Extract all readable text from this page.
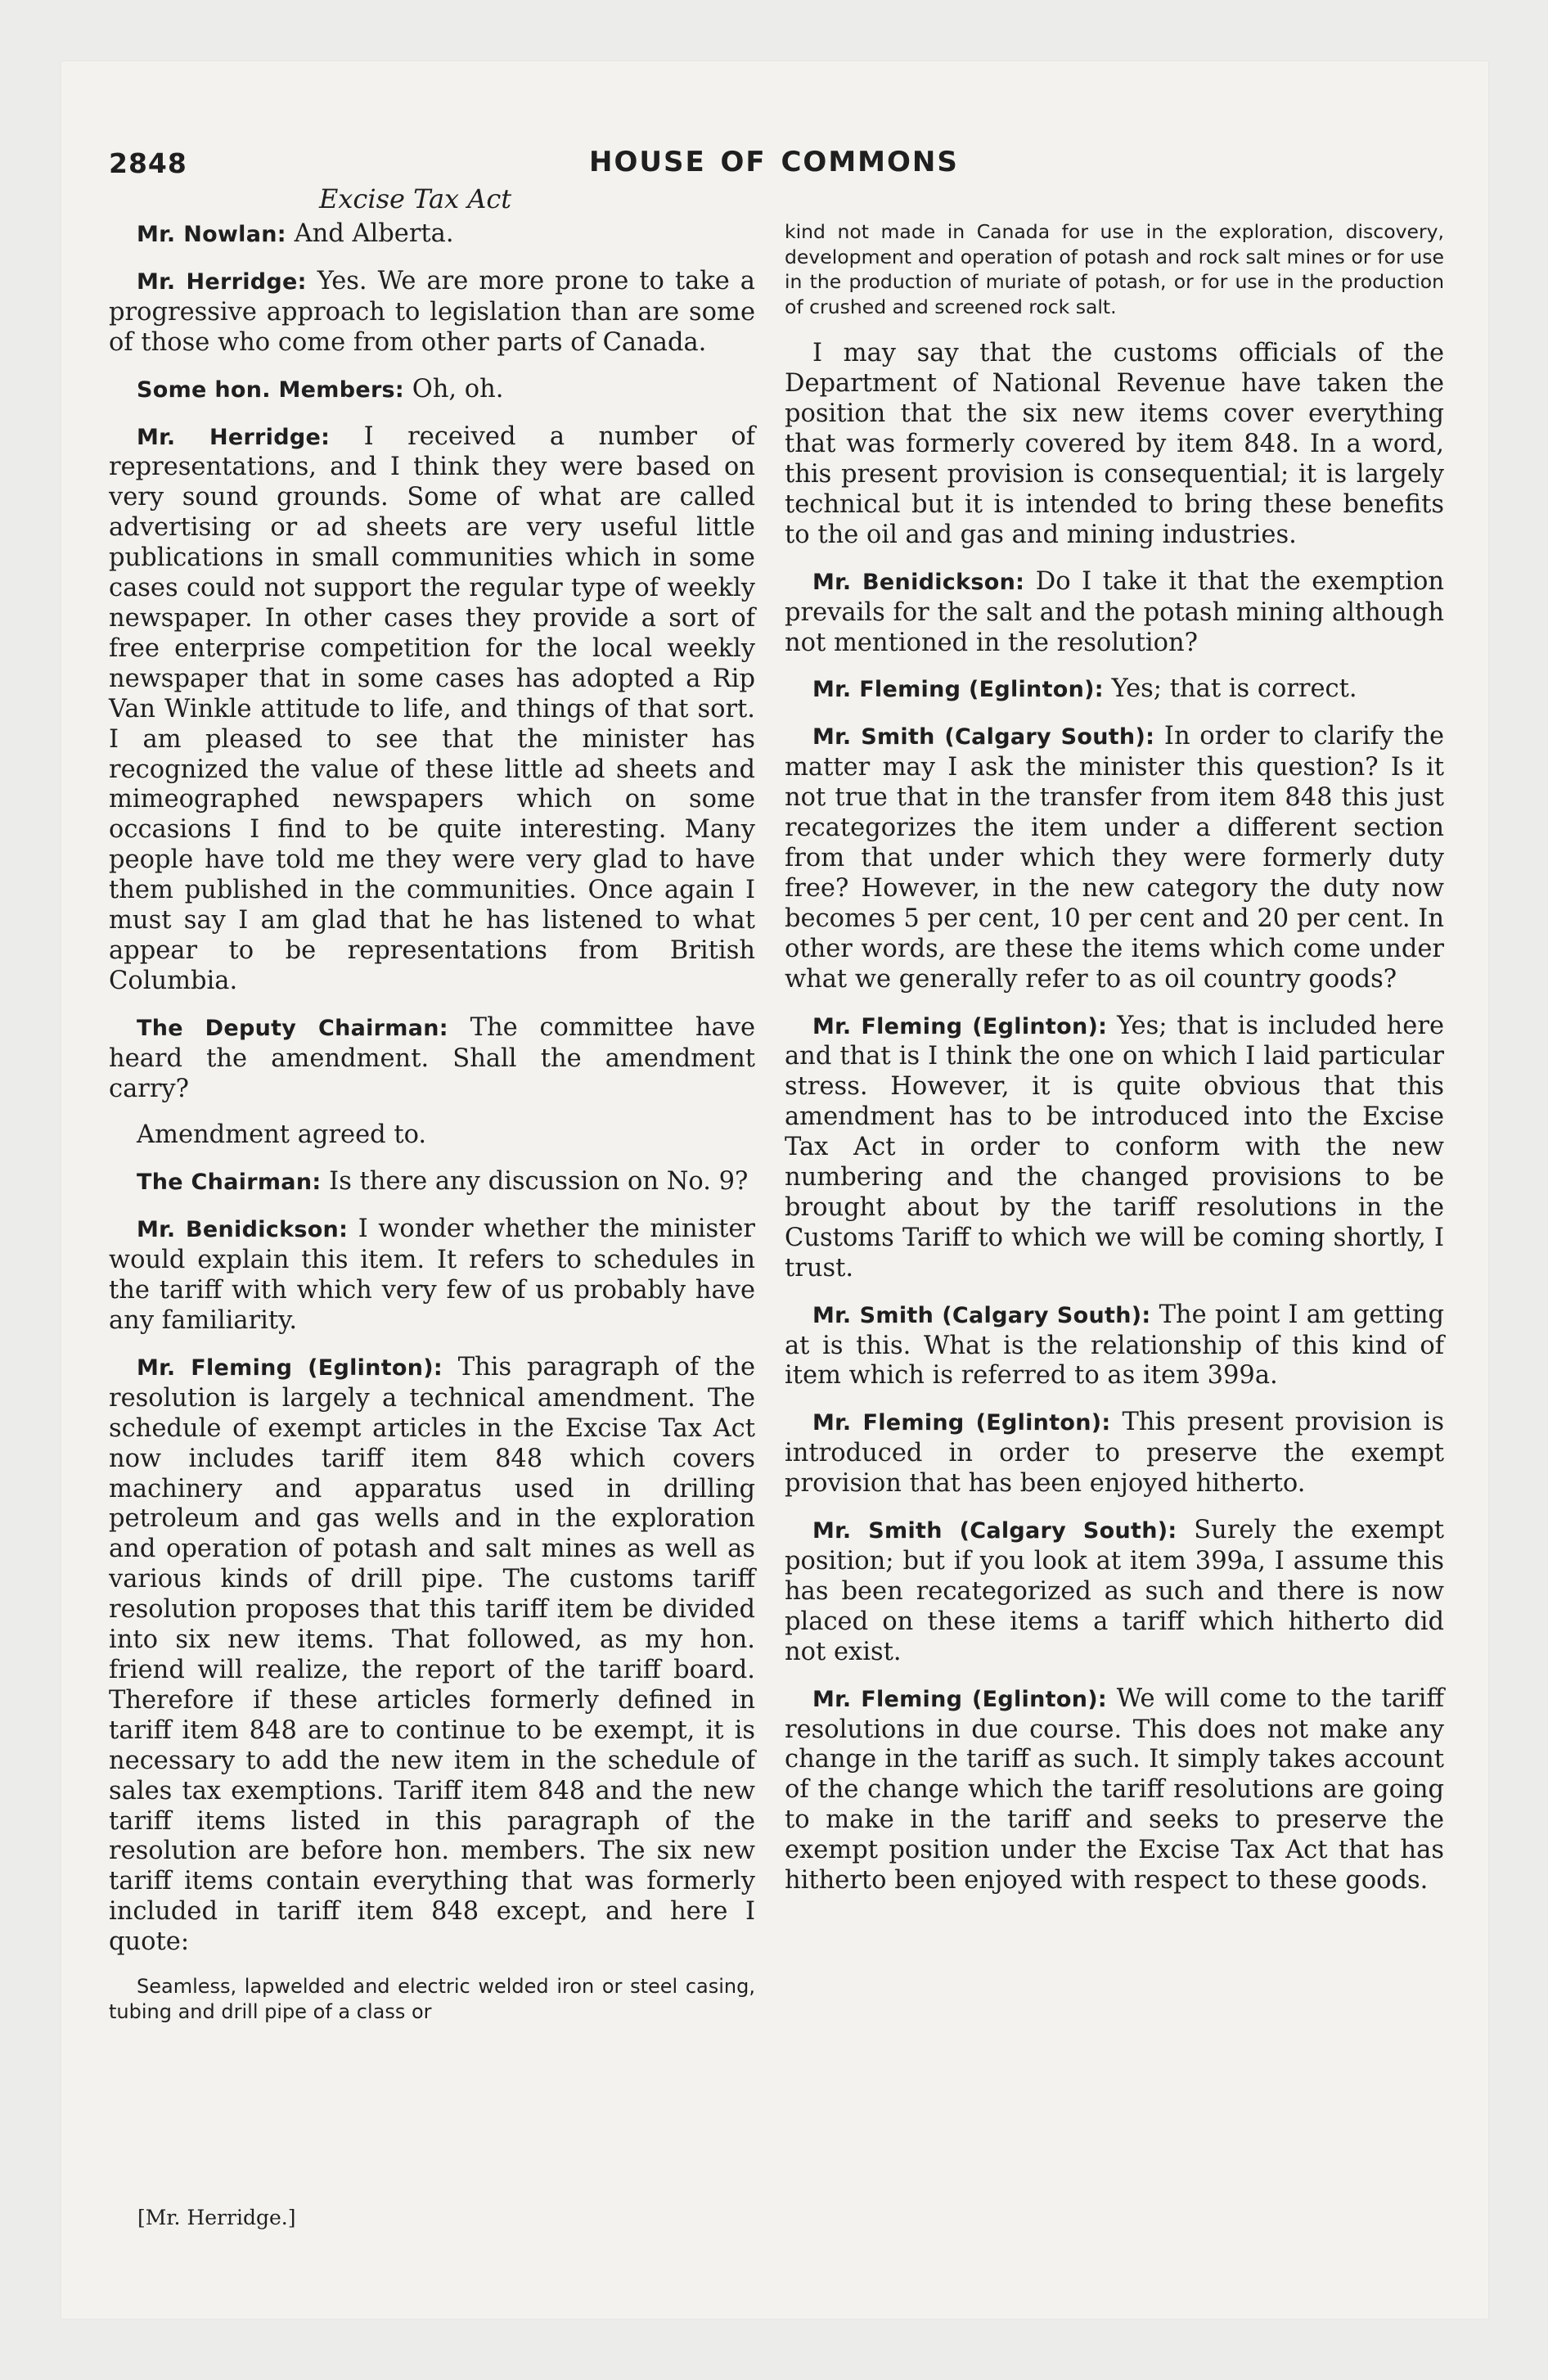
2848	HOUSE OF COMMONS
Excise Tax Act

Mr. Nowlan: And Alberta.

Mr. Herridge: Yes. We are more prone to take a progressive approach to legislation than are some of those who come from other parts of Canada.

Some hon. Members: Oh, oh.

Mr. Herridge: I received a number of representations, and I think they were based on very sound grounds. Some of what are called advertising or ad sheets are very useful little publications in small communities which in some cases could not support the regular type of weekly newspaper. In other cases they provide a sort of free enterprise competition for the local weekly newspaper that in some cases has adopted a Rip Van Winkle attitude to life, and things of that sort. I am pleased to see that the minister has recognized the value of these little ad sheets and mimeographed newspapers which on some occasions I find to be quite interesting. Many people have told me they were very glad to have them published in the communities. Once again I must say I am glad that he has listened to what appear to be representations from British Columbia.

The Deputy Chairman: The committee have heard the amendment. Shall the amendment carry?

Amendment agreed to.

The Chairman: Is there any discussion on No. 9?

Mr. Benidickson: I wonder whether the minister would explain this item. It refers to schedules in the tariff with which very few of us probably have any familiarity.

Mr. Fleming (Eglinton): This paragraph of the resolution is largely a technical amendment. The schedule of exempt articles in the Excise Tax Act now includes tariff item 848 which covers machinery and apparatus used in drilling petroleum and gas wells and in the exploration and operation of potash and salt mines as well as various kinds of drill pipe. The customs tariff resolution proposes that this tariff item be divided into six new items. That followed, as my hon. friend will realize, the report of the tariff board. Therefore if these articles formerly defined in tariff item 848 are to continue to be exempt, it is necessary to add the new item in the schedule of sales tax exemptions. Tariff item 848 and the new tariff items listed in this paragraph of the resolution are before hon. members. The six new tariff items contain everything that was formerly included in tariff item 848 except, and here I quote:

Seamless, lapwelded and electric welded iron or steel casing, tubing and drill pipe of a class or

kind not made in Canada for use in the exploration, discovery, development and operation of potash and rock salt mines or for use in the production of muriate of potash, or for use in the production of crushed and screened rock salt.

I may say that the customs officials of the Department of National Revenue have taken the position that the six new items cover everything that was formerly covered by item 848. In a word, this present provision is consequential; it is largely technical but it is intended to bring these benefits to the oil and gas and mining industries.

Mr. Benidickson: Do I take it that the exemption prevails for the salt and the potash mining although not mentioned in the resolution?

Mr. Fleming (Eglinton): Yes; that is correct.

Mr. Smith (Calgary South): In order to clarify the matter may I ask the minister this question? Is it not true that in the transfer from item 848 this just recategorizes the item under a different section from that under which they were formerly duty free? However, in the new category the duty now becomes 5 per cent, 10 per cent and 20 per cent. In other words, are these the items which come under what we generally refer to as oil country goods?

Mr. Fleming (Eglinton): Yes; that is included here and that is I think the one on which I laid particular stress. However, it is quite obvious that this amendment has to be introduced into the Excise Tax Act in order to conform with the new numbering and the changed provisions to be brought about by the tariff resolutions in the Customs Tariff to which we will be coming shortly, I trust.

Mr. Smith (Calgary South): The point I am getting at is this. What is the relationship of this kind of item which is referred to as item 399a.

Mr. Fleming (Eglinton): This present provision is introduced in order to preserve the exempt provision that has been enjoyed hitherto.

Mr. Smith (Calgary South): Surely the exempt position; but if you look at item 399a, I assume this has been recategorized as such and there is now placed on these items a tariff which hitherto did not exist.

Mr. Fleming (Eglinton): We will come to the tariff resolutions in due course. This does not make any change in the tariff as such. It simply takes account of the change which the tariff resolutions are going to make in the tariff and seeks to preserve the exempt position under the Excise Tax Act that has hitherto been enjoyed with respect to these goods.

[Mr. Herridge.]
